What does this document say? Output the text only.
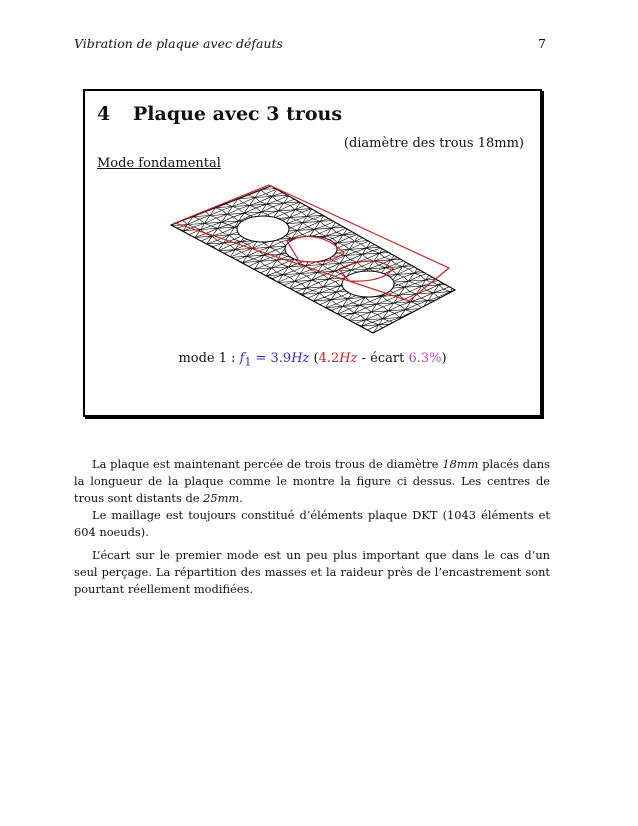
Vibration de plaque avec défauts	7
4 Plaque avec 3 trous
(diamètre des trous 18mm)
Mode fondamental
mode 1 : $f_1 = 3.9Hz$ (4.2Hz - écart 6.3%)

La plaque est maintenant percée de trois trous de diamètre 18mm placés dans la longueur de la plaque comme le montre la figure ci dessus. Les centres de trous sont distants de 25mm.

Le maillage est toujours constitué d’éléments plaque DKT (1043 éléments et 604 noeuds).

L’écart sur le premier mode est un peu plus important que dans le cas d’un seul perçage. La répartition des masses et la raideur près de l’encastrement sont pourtant réellement modifiées.
